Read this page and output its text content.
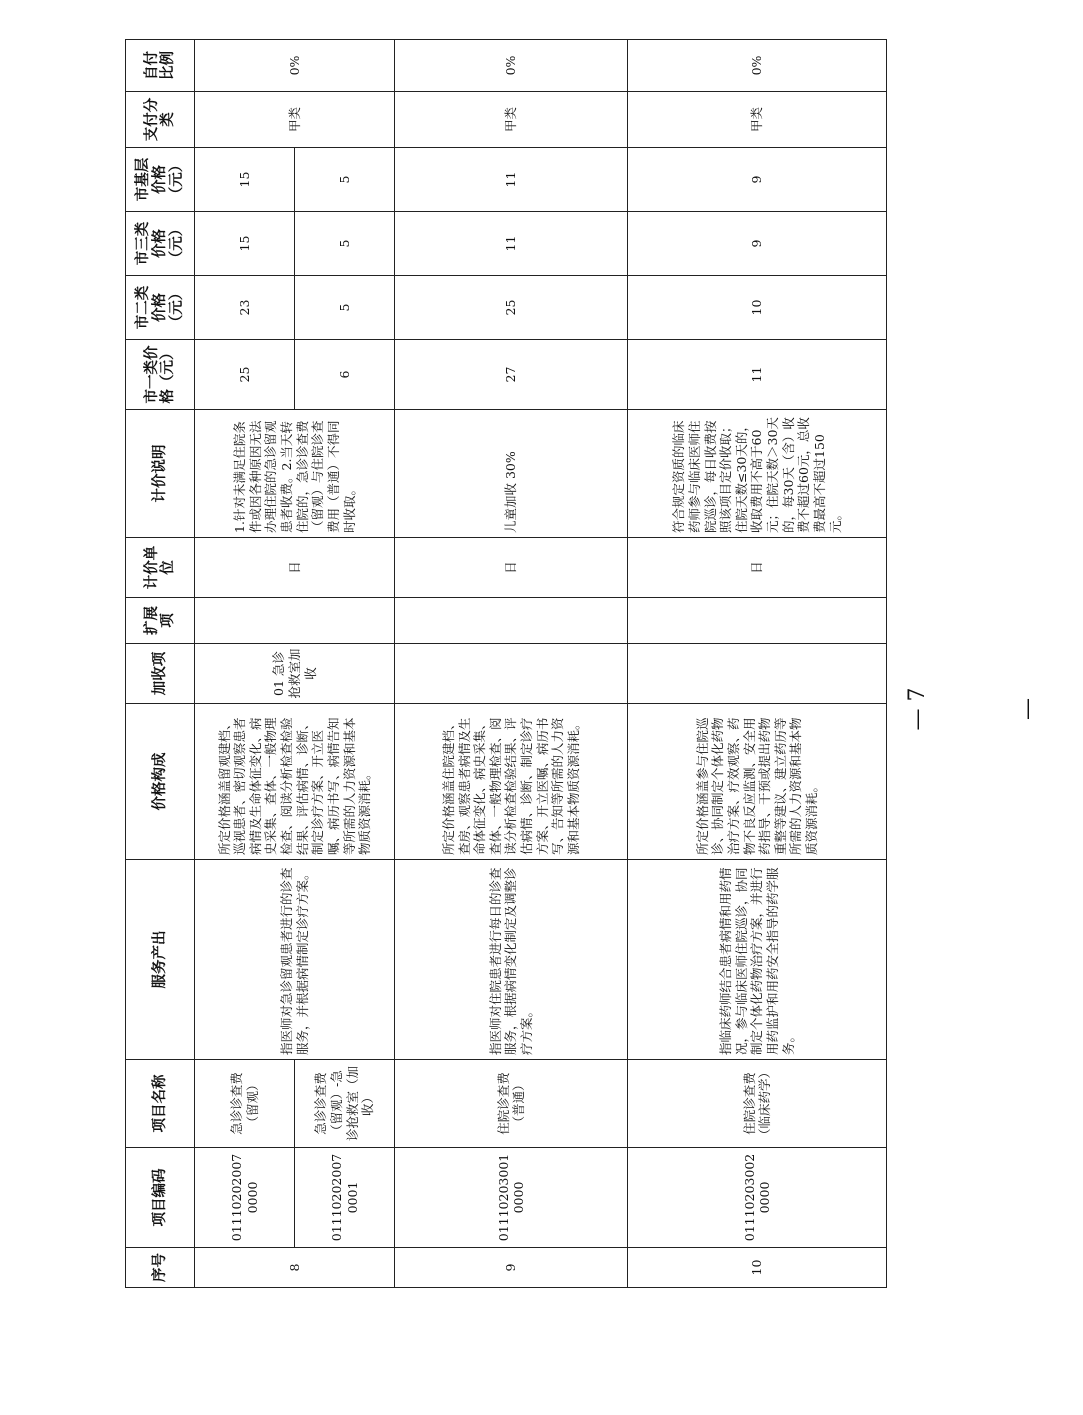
序号	项目编码	项目名称	服务产出	价格构成	加收项	扩展项	计价单位	计价说明	市一类价格（元）	市二类价格（元）	市三类价格（元）	市基层价格（元）	支付分类	自付比例
8	011102020070000	急诊诊查费（留观）	指医师对急诊留观患者进行的诊查服务，并根据病情制定诊疗方案。	所定价格涵盖留观建档、巡视患者、密切观察患者病情及生命体征变化、病史采集、查体、一般物理检查、阅读分析检查检验结果、评估病情、诊断、制定诊疗方案、开立医嘱、病历书写、病情告知等所需的人力资源和基本物质资源消耗。	01 急诊抢救室加收		日	1.针对未满足住院条件或因各种原因无法办理住院的急诊留观患者收费。2.当天转住院的，急诊诊查费（留观）与住院诊查费用（普通）不得同时收取。	25	23	15	15	甲类	0%
	011102020070001	急诊诊查费（留观）-急诊抢救室（加收）							6	5	5	5		
9	011102030010000	住院诊查费（普通）	指医师对住院患者进行每日的诊查服务，根据病情变化制定及调整诊疗方案。	所定价格涵盖住院建档、查房、观察患者病情及生命体征变化、病史采集、查体、一般物理检查、阅读分析检查检验结果、评估病情、诊断、制定诊疗方案、开立医嘱、病历书写、告知等所需的人力资源和基本物质资源消耗。			日	儿童加收 30%	27	25	11	11	甲类	0%
10	011102030020000	住院诊查费（临床药学）	指临床药师结合患者病情和用药情况，参与临床医师住院巡诊，协同制定个体化药物治疗方案，并进行用药监护和用药安全指导的药学服务。	所定价格涵盖参与住院巡诊、协同制定个体化药物治疗方案、疗效观察、药物不良反应监测、安全用药指导、干预或提出药物重整等建议、建立药历等所需的人力资源和基本物质资源消耗。			日	符合规定资质的临床药师参与临床医师住院巡诊，每日收费按照该项目定价收取；住院天数≤30天的，收取费用不高于60元；住院天数＞30天的，每30天（含）收费不超过60元，总收费最高不超过150元。	11	10	9	9	甲类	0%
— 7 —
